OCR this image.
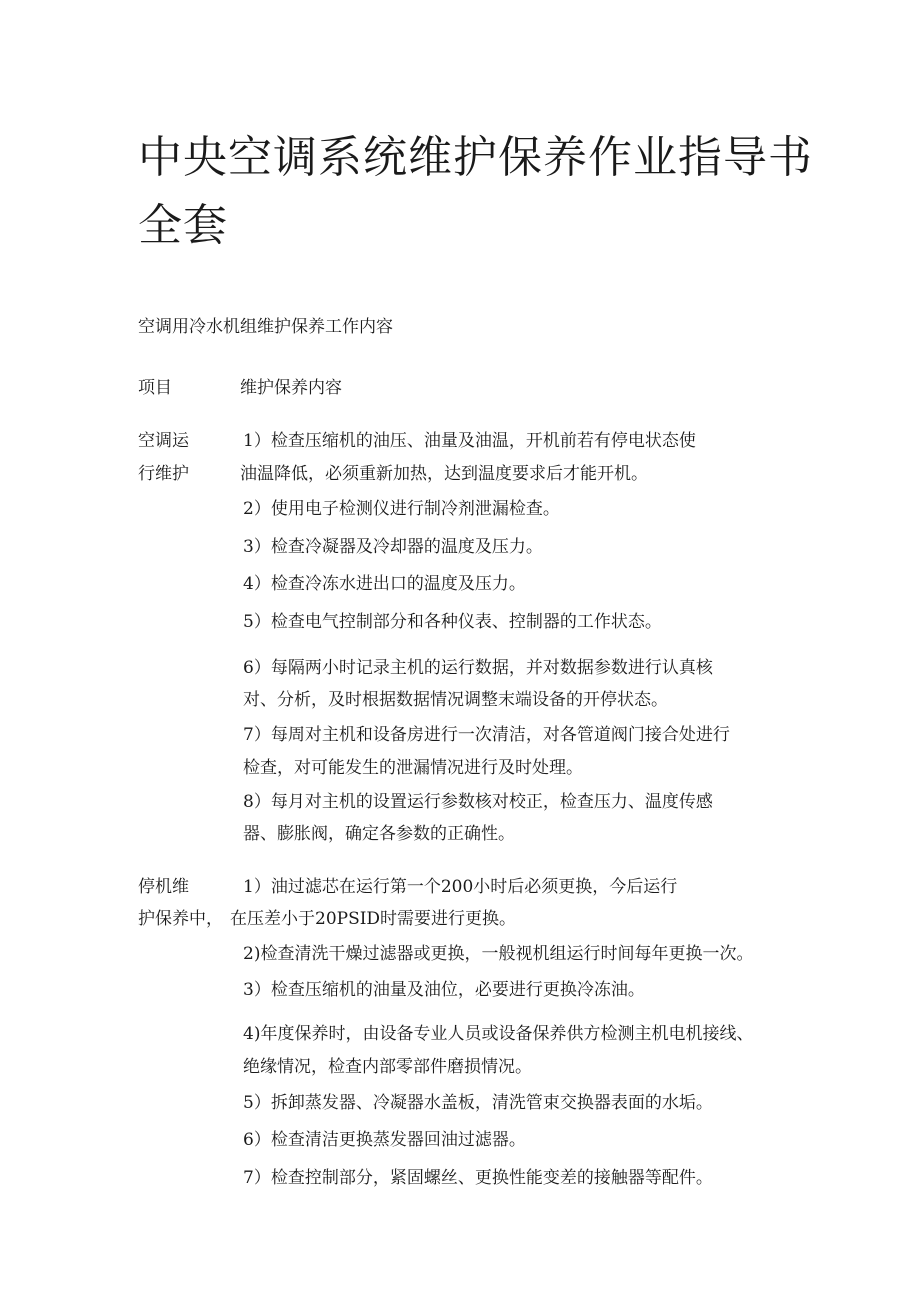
中央空调系统维护保养作业指导书
全套
空调用冷水机组维护保养工作内容
项目	维护保养内容
空调运
行维护
1）检查压缩机的油压、油量及油温，开机前若有停电状态使
油温降低，必须重新加热，达到温度要求后才能开机。
2）使用电子检测仪进行制冷剂泄漏检查。
3）检查冷凝器及冷却器的温度及压力。
4）检查冷冻水进出口的温度及压力。
5）检查电气控制部分和各种仪表、控制器的工作状态。
6）每隔两小时记录主机的运行数据，并对数据参数进行认真核
对、分析，及时根据数据情况调整末端设备的开停状态。
7）每周对主机和设备房进行一次清洁，对各管道阀门接合处进行
检查，对可能发生的泄漏情况进行及时处理。
8）每月对主机的设置运行参数核对校正，检查压力、温度传感
器、膨胀阀，确定各参数的正确性。
停机维
护保养中，
1）油过滤芯在运行第一个200小时后必须更换，今后运行
在压差小于20PSID时需要进行更换。
2)检查清洗干燥过滤器或更换，一般视机组运行时间每年更换一次。
3）检查压缩机的油量及油位，必要进行更换冷冻油。
4)年度保养时，由设备专业人员或设备保养供方检测主机电机接线、
绝缘情况，检查内部零部件磨损情况。
5）拆卸蒸发器、冷凝器水盖板，清洗管束交换器表面的水垢。
6）检查清洁更换蒸发器回油过滤器。
7）检查控制部分，紧固螺丝、更换性能变差的接触器等配件。
